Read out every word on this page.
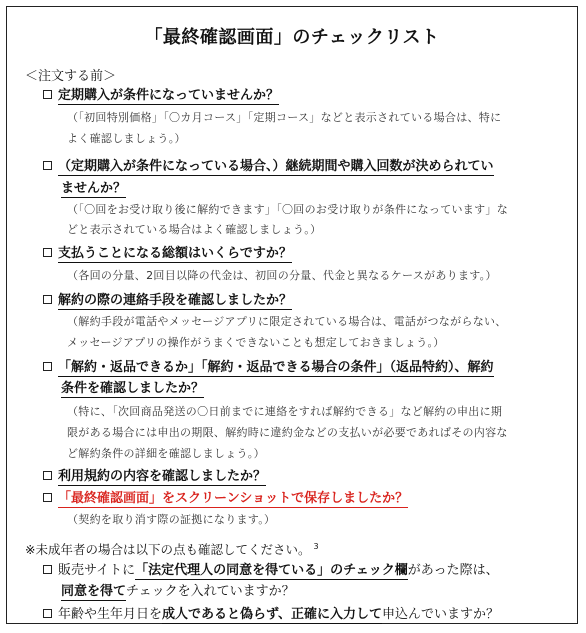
「最終確認画面」のチェックリスト
＜注文する前＞
定期購入が条件になっていませんか？
（「初回特別価格」「〇カ月コース」「定期コース」などと表示されている場合は、特に
よく確認しましょう。）
（定期購入が条件になっている場合、）継続期間や購入回数が決められてい
ませんか？
（「〇回をお受け取り後に解約できます」「〇回のお受け取りが条件になっています」な
どと表示されている場合はよく確認しましょう。）
支払うことになる総額はいくらですか？
（各回の分量、2回目以降の代金は、初回の分量、代金と異なるケースがあります。）
解約の際の連絡手段を確認しましたか？
（解約手段が電話やメッセージアプリに限定されている場合は、電話がつながらない、
メッセージアプリの操作がうまくできないことも想定しておきましょう。）
「解約・返品できるか」「解約・返品できる場合の条件」（返品特約）、解約
条件を確認しましたか？
（特に、「次回商品発送の〇日前までに連絡をすれば解約できる」など解約の申出に期
限がある場合には申出の期限、解約時に違約金などの支払いが必要であればその内容な
ど解約条件の詳細を確認しましょう。）
利用規約の内容を確認しましたか？
「最終確認画面」をスクリーンショットで保存しましたか？
（契約を取り消す際の証拠になります。）
※未成年者の場合は以下の点も確認してください。 $^3$
販売サイトに「法定代理人の同意を得ている」のチェック欄があった際は、
同意を得てチェックを入れていますか？
年齢や生年月日を成人であると偽らず、正確に入力して申込んでいますか？
